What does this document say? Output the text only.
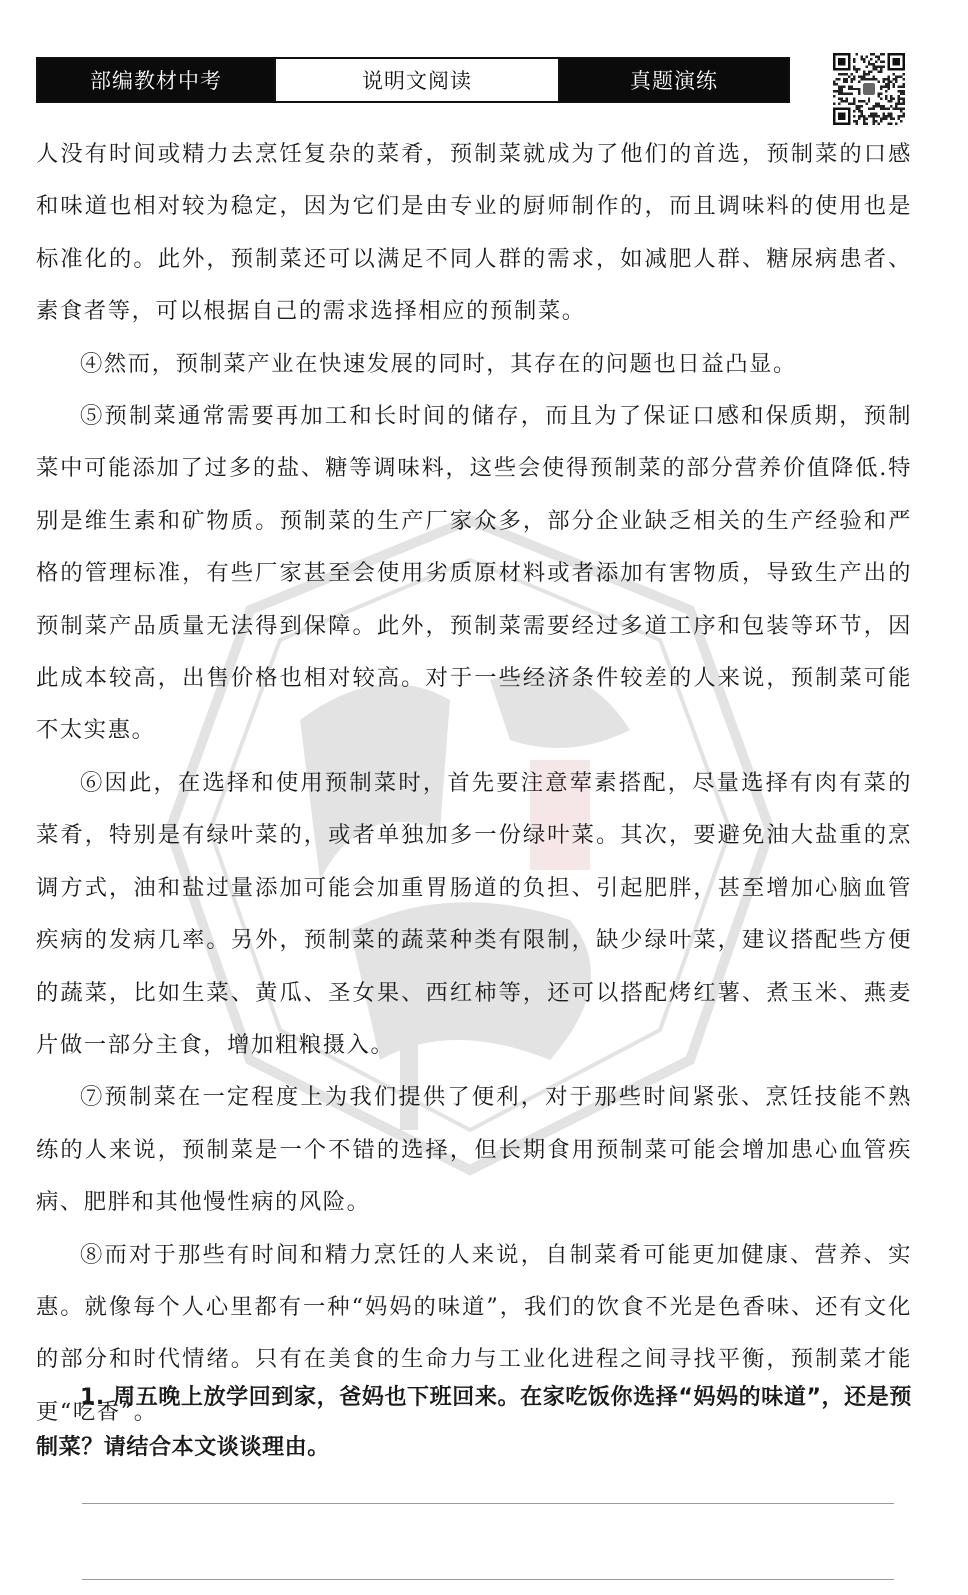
部编教材中考	说明文阅读	真题演练

人没有时间或精力去烹饪复杂的菜肴，预制菜就成为了他们的首选，预制菜的口感和味道也相对较为稳定，因为它们是由专业的厨师制作的，而且调味料的使用也是标准化的。此外，预制菜还可以满足不同人群的需求，如减肥人群、糖尿病患者、素食者等，可以根据自己的需求选择相应的预制菜。

④然而，预制菜产业在快速发展的同时，其存在的问题也日益凸显。

⑤预制菜通常需要再加工和长时间的储存，而且为了保证口感和保质期，预制菜中可能添加了过多的盐、糖等调味料，这些会使得预制菜的部分营养价值降低.特别是维生素和矿物质。预制菜的生产厂家众多，部分企业缺乏相关的生产经验和严格的管理标准，有些厂家甚至会使用劣质原材料或者添加有害物质，导致生产出的预制菜产品质量无法得到保障。此外，预制菜需要经过多道工序和包装等环节，因此成本较高，出售价格也相对较高。对于一些经济条件较差的人来说，预制菜可能不太实惠。

⑥因此，在选择和使用预制菜时，首先要注意荤素搭配，尽量选择有肉有菜的菜肴，特别是有绿叶菜的，或者单独加多一份绿叶菜。其次，要避免油大盐重的烹调方式，油和盐过量添加可能会加重胃肠道的负担、引起肥胖，甚至增加心脑血管疾病的发病几率。另外，预制菜的蔬菜种类有限制，缺少绿叶菜，建议搭配些方便的蔬菜，比如生菜、黄瓜、圣女果、西红柿等，还可以搭配烤红薯、煮玉米、燕麦片做一部分主食，增加粗粮摄入。

⑦预制菜在一定程度上为我们提供了便利，对于那些时间紧张、烹饪技能不熟练的人来说，预制菜是一个不错的选择，但长期食用预制菜可能会增加患心血管疾病、肥胖和其他慢性病的风险。

⑧而对于那些有时间和精力烹饪的人来说，自制菜肴可能更加健康、营养、实惠。就像每个人心里都有一种“妈妈的味道”，我们的饮食不光是色香味、还有文化的部分和时代情绪。只有在美食的生命力与工业化进程之间寻找平衡，预制菜才能更“吃香”。

1. 周五晚上放学回到家，爸妈也下班回来。在家吃饭你选择“妈妈的味道”，还是预制菜？请结合本文谈谈理由。
